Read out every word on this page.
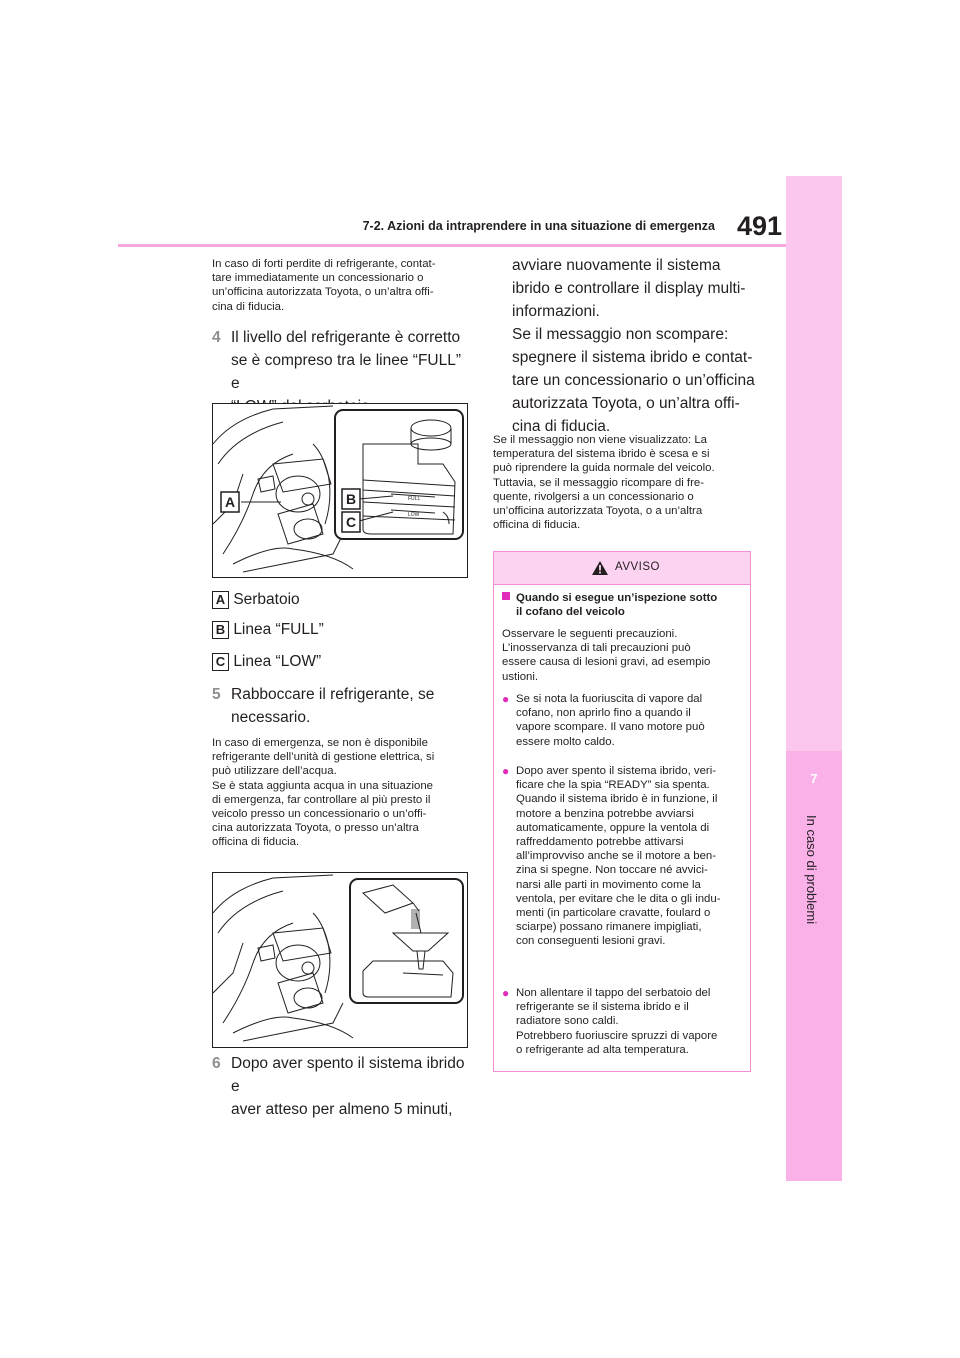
7-2. Azioni da intraprendere in una situazione di emergenza 491
7
In caso di problemi
In caso di forti perdite di refrigerante, contat-
tare immediatamente un concessionario o
un’officina autorizzata Toyota, o un’altra offi-
cina di fiducia.
4 Il livello del refrigerante è corretto
se è compreso tra le linee “FULL” e

FULL
LOW
A	B
C
A Serbatoio
B Linea “FULL”
C Linea “LOW”
5 Rabboccare il refrigerante, se
necessario.
In caso di emergenza, se non è disponibile
refrigerante dell’unità di gestione elettrica, si
può utilizzare dell’acqua.
Se è stata aggiunta acqua in una situazione
di emergenza, far controllare al più presto il
veicolo presso un concessionario o un’offi-
cina autorizzata Toyota, o presso un’altra
officina di fiducia.
6 Dopo aver spento il sistema ibrido e
aver atteso per almeno 5 minuti,
avviare nuovamente il sistema
ibrido e controllare il display multi-
informazioni.
Se il messaggio non scompare:
spegnere il sistema ibrido e contat-
tare un concessionario o un’officina
autorizzata Toyota, o un’altra offi-
cina di fiducia.
Se il messaggio non viene visualizzato: La
temperatura del sistema ibrido è scesa e si
può riprendere la guida normale del veicolo.
Tuttavia, se il messaggio ricompare di fre-
quente, rivolgersi a un concessionario o
un’officina autorizzata Toyota, o a un’altra
officina di fiducia.
AVVISO
Quando si esegue un’ispezione sotto
il cofano del veicolo
Osservare le seguenti precauzioni.
L’inosservanza di tali precauzioni può
essere causa di lesioni gravi, ad esempio
ustioni.
● Se si nota la fuoriuscita di vapore dal
cofano, non aprirlo fino a quando il
vapore scompare. Il vano motore può
essere molto caldo.
● Dopo aver spento il sistema ibrido, veri-
ficare che la spia “READY” sia spenta.
Quando il sistema ibrido è in funzione, il
motore a benzina potrebbe avviarsi
automaticamente, oppure la ventola di
raffreddamento potrebbe attivarsi
all’improvviso anche se il motore a ben-
zina si spegne. Non toccare né avvici-
narsi alle parti in movimento come la
ventola, per evitare che le dita o gli indu-
menti (in particolare cravatte, foulard o
sciarpe) possano rimanere impigliati,
con conseguenti lesioni gravi.
● Non allentare il tappo del serbatoio del
refrigerante se il sistema ibrido e il
radiatore sono caldi.
Potrebbero fuoriuscire spruzzi di vapore
o refrigerante ad alta temperatura.
